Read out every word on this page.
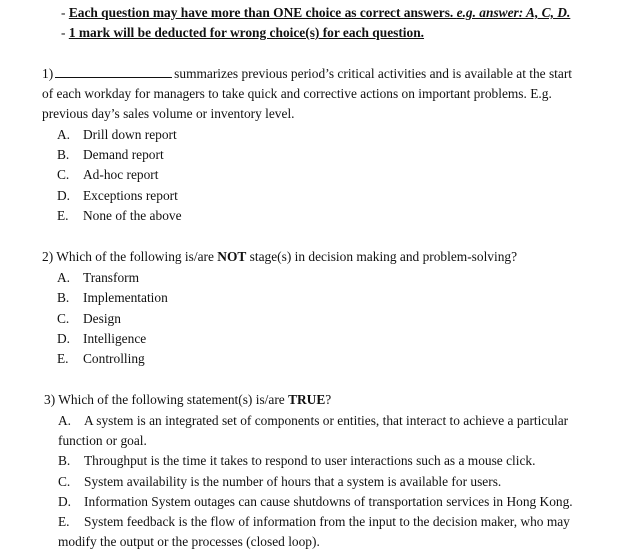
- Each question may have more than ONE choice as correct answers. e.g. answer: A, C, D.
- 1 mark will be deducted for wrong choice(s) for each question.
1)	summarizes previous period’s critical activities and is available at the start
of each workday for managers to take quick and corrective actions on important problems. E.g.
previous day’s sales volume or inventory level.
A. Drill down report
B. Demand report
C. Ad-hoc report
D. Exceptions report
E. None of the above
2) Which of the following is/are NOT stage(s) in decision making and problem-solving?
A. Transform
B. Implementation
C. Design
D. Intelligence
E. Controlling
3) Which of the following statement(s) is/are TRUE?
A. A system is an integrated set of components or entities, that interact to achieve a particular
function or goal.
B. Throughput is the time it takes to respond to user interactions such as a mouse click.
C. System availability is the number of hours that a system is available for users.
D. Information System outages can cause shutdowns of transportation services in Hong Kong.
E. System feedback is the flow of information from the input to the decision maker, who may
modify the output or the processes (closed loop).
